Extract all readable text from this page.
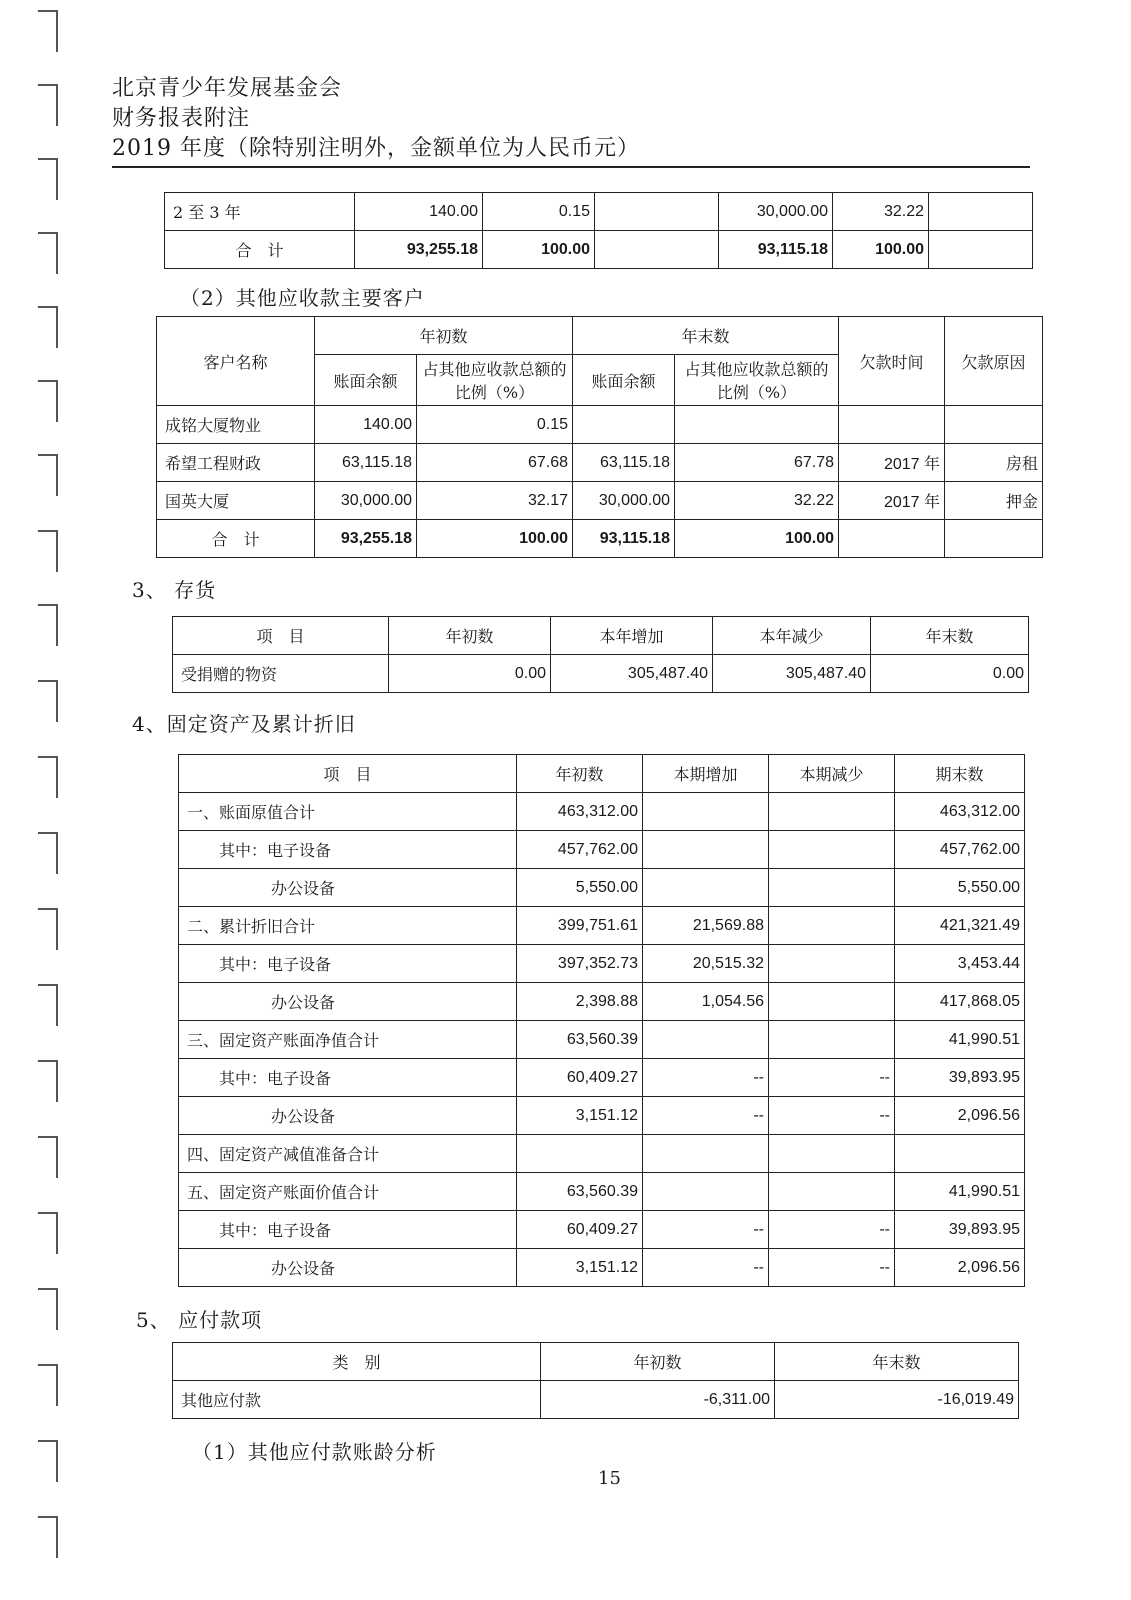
北京青少年发展基金会
财务报表附注
2019 年度（除特别注明外，金额单位为人民币元）
2 至 3 年	140.00	0.15		30,000.00	32.22	
合　计	93,255.18	100.00		93,115.18	100.00	
（2）其他应收款主要客户
客户名称	年初数		年末数		欠款时间	欠款原因
	账面余额	占其他应收款总额的比例（%）	账面余额	占其他应收款总额的比例（%）		
成铭大厦物业	140.00	0.15				
希望工程财政	63,115.18	67.68	63,115.18	67.78	2017 年	房租
国英大厦	30,000.00	32.17	30,000.00	32.22	2017 年	押金
合　计	93,255.18	100.00	93,115.18	100.00		
3、 存货
项　目	年初数	本年增加	本年减少	年末数
受捐赠的物资	0.00	305,487.40	305,487.40	0.00
4、固定资产及累计折旧
项　目	年初数	本期增加	本期减少	期末数
一、账面原值合计	463,312.00			463,312.00
其中：电子设备	457,762.00			457,762.00
办公设备	5,550.00			5,550.00
二、累计折旧合计	399,751.61	21,569.88		421,321.49
其中：电子设备	397,352.73	20,515.32		3,453.44
办公设备	2,398.88	1,054.56		417,868.05
三、固定资产账面净值合计	63,560.39			41,990.51
其中：电子设备	60,409.27	--	--	39,893.95
办公设备	3,151.12	--	--	2,096.56
四、固定资产减值准备合计				
五、固定资产账面价值合计	63,560.39			41,990.51
其中：电子设备	60,409.27	--	--	39,893.95
办公设备	3,151.12	--	--	2,096.56
5、 应付款项
类　别	年初数	年末数
其他应付款	-6,311.00	-16,019.49
（1）其他应付款账龄分析
15
